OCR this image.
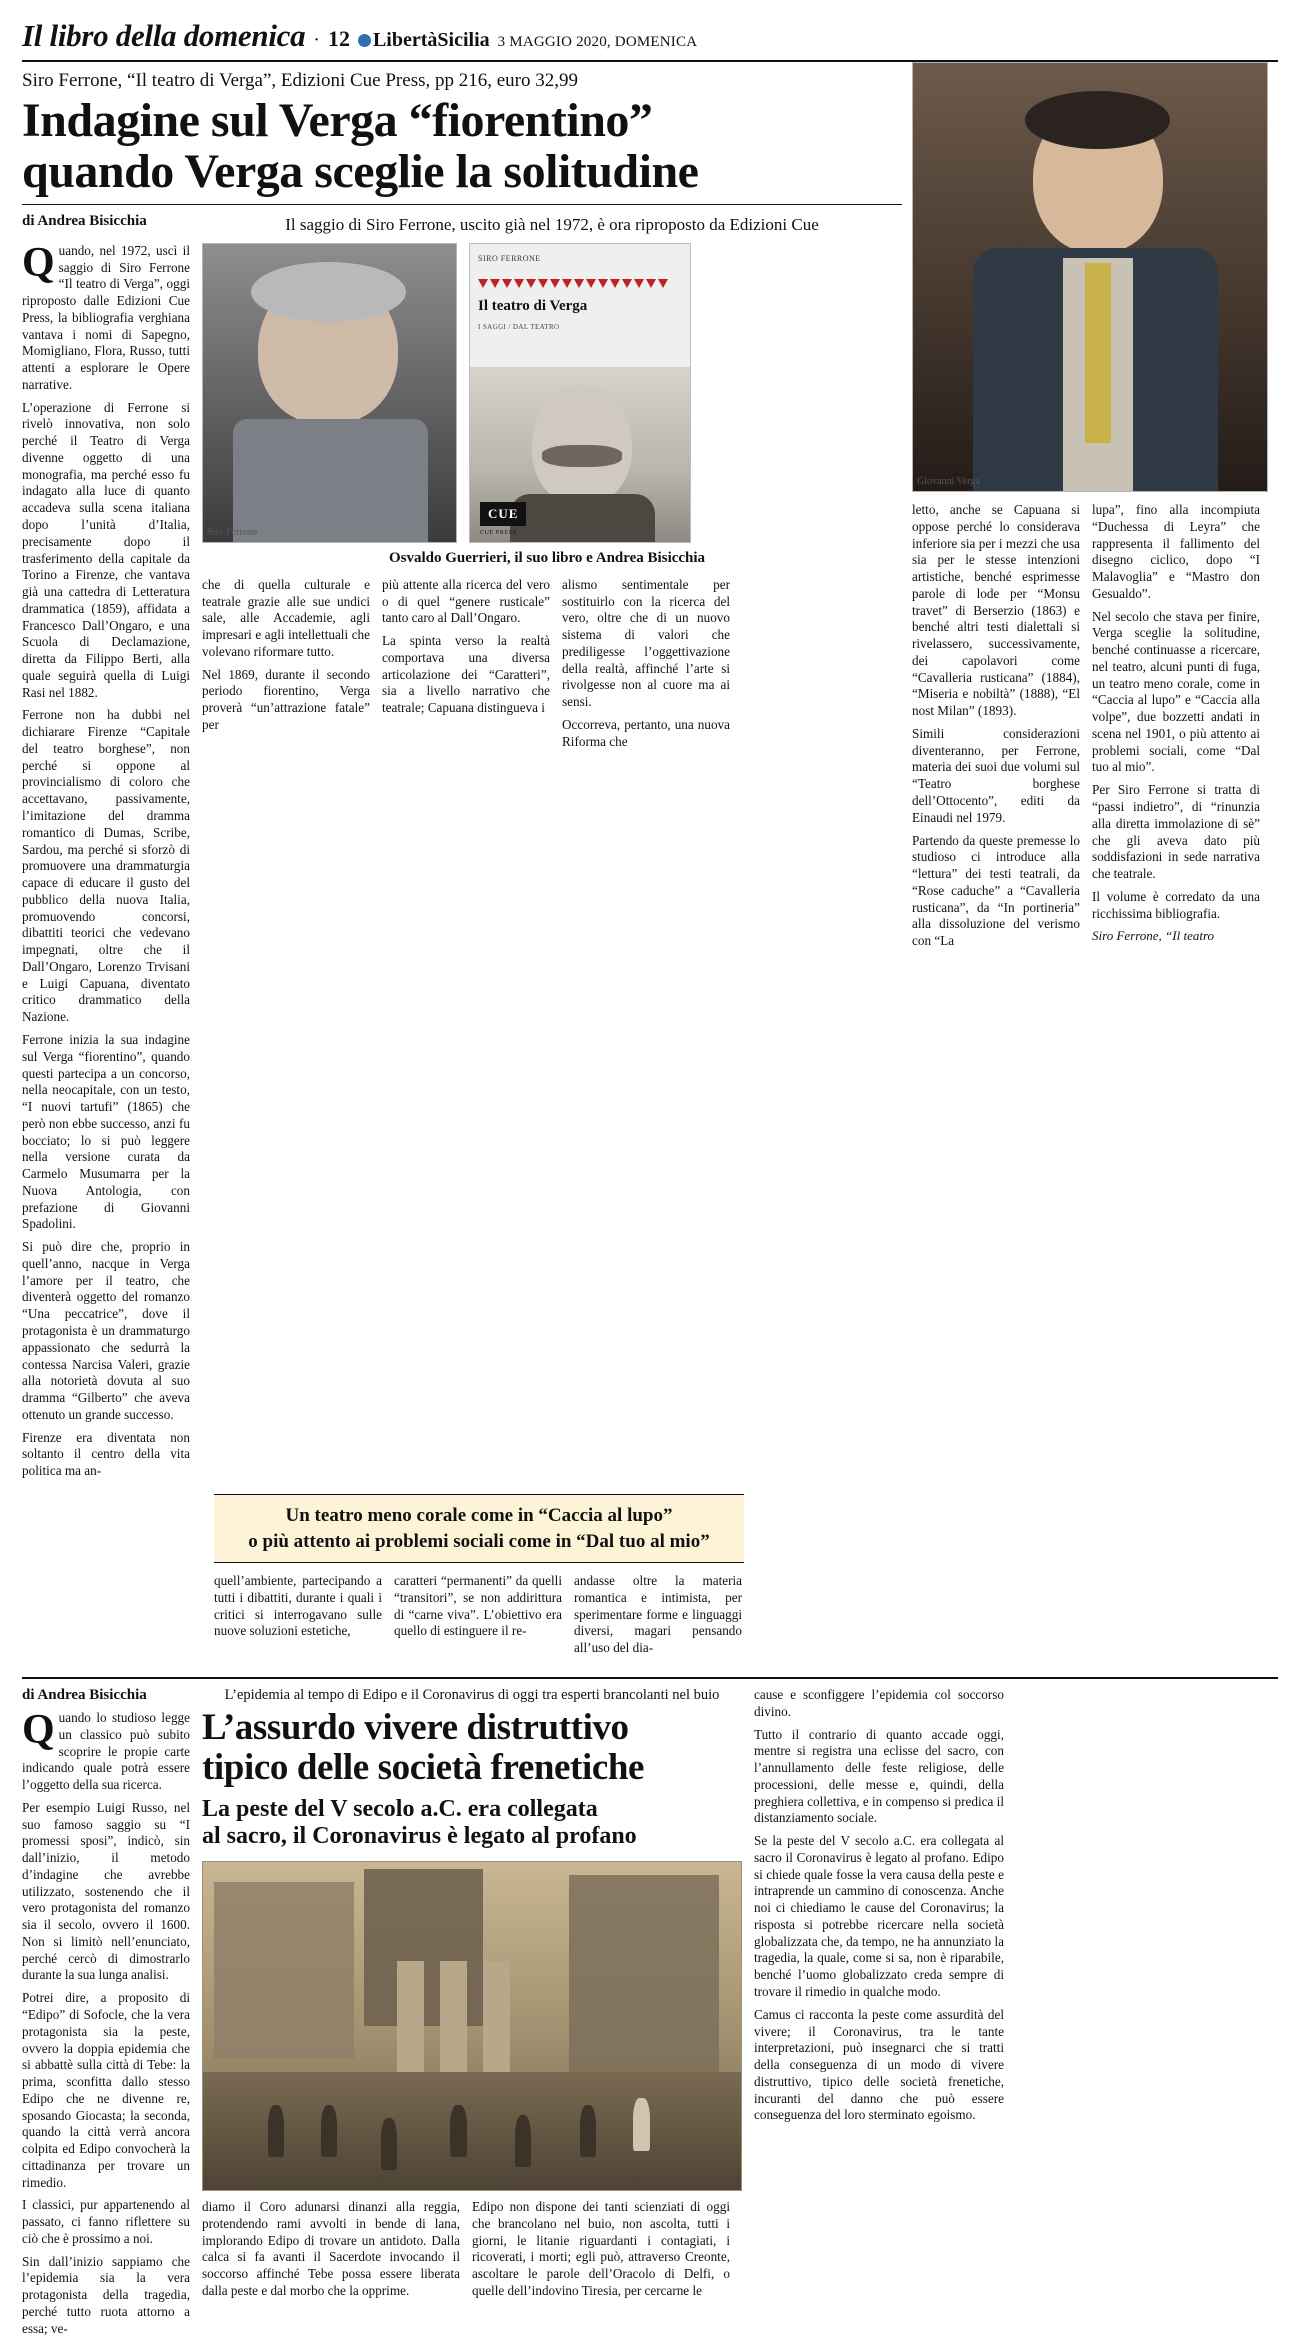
Il libro della domenica · 12	LibertàSicilia 3 MAGGIO 2020, DOMENICA
Siro Ferrone, “Il teatro di Verga”, Edizioni Cue Press, pp 216, euro 32,99
Indagine sul Verga “fiorentino”
quando Verga sceglie la solitudine
di Andrea Bisicchia	Il saggio di Siro Ferrone, uscito già nel 1972, è ora riproposto da Edizioni Cue

Quando, nel 1972, uscì il saggio di Siro Ferrone “Il teatro di Verga”, oggi riproposto dalle Edizioni Cue Press, la bibliografia verghiana vantava i nomi di Sapegno, Momigliano, Flora, Russo, tutti attenti a esplorare le Opere narrative.

L’operazione di Ferrone si rivelò innovativa, non solo perché il Teatro di Verga divenne oggetto di una monografia, ma perché esso fu indagato alla luce di quanto accadeva sulla scena italiana dopo l’unità d’Italia, precisamente dopo il trasferimento della capitale da Torino a Firenze, che vantava già una cattedra di Letteratura drammatica (1859), affidata a Francesco Dall’Ongaro, e una Scuola di Declamazione, diretta da Filippo Berti, alla quale seguirà quella di Luigi Rasi nel 1882.

Ferrone non ha dubbi nel dichiarare Firenze “Capitale del teatro borghese”, non perché si oppone al provincialismo di coloro che accettavano, passivamente, l’imitazione del dramma romantico di Dumas, Scribe, Sardou, ma perché si sforzò di promuovere una drammaturgia capace di educare il gusto del pubblico della nuova Italia, promuovendo concorsi, dibattiti teorici che vedevano impegnati, oltre che il Dall’Ongaro, Lorenzo Trvisani e Luigi Capuana, diventato critico drammatico della Nazione.

Ferrone inizia la sua indagine sul Verga “fiorentino”, quando questi partecipa a un concorso, nella neocapitale, con un testo, “I nuovi tartufi” (1865) che però non ebbe successo, anzi fu bocciato; lo si può leggere nella versione curata da Carmelo Musumarra per la Nuova Antologia, con prefazione di Giovanni Spadolini.

Si può dire che, proprio in quell’anno, nacque in Verga l’amore per il teatro, che diventerà oggetto del romanzo “Una peccatrice”, dove il protagonista è un drammaturgo appassionato che sedurrà la contessa Narcisa Valeri, grazie alla notorietà dovuta al suo dramma “Gilberto” che aveva ottenuto un grande successo.

Firenze era diventata non soltanto il centro della vita politica ma an-

Siro Ferrone
SIRO FERRONE
Il teatro di Verga
I SAGGI / DAL TEATRO
CUE
CUE PRESS
Osvaldo Guerrieri, il suo libro e Andrea Bisicchia

che di quella culturale e teatrale grazie alle sue undici sale, alle Accademie, agli impresari e agli intellettuali che volevano riformare tutto.

Nel 1869, durante il secondo periodo fiorentino, Verga proverà “un’attrazione fatale” per

più attente alla ricerca del vero o di quel “genere rusticale” tanto caro al Dall’Ongaro.

La spinta verso la realtà comportava una diversa articolazione dei “Caratteri”, sia a livello narrativo che teatrale; Capuana distingueva i

alismo sentimentale per sostituirlo con la ricerca del vero, oltre che di un nuovo sistema di valori che prediligesse l’oggettivazione della realtà, affinché l’arte si rivolgesse non al cuore ma ai sensi.

Occorreva, pertanto, una nuova Riforma che

Giovanni Verga

letto, anche se Capuana si oppose perché lo considerava inferiore sia per i mezzi che usa sia per le stesse intenzioni artistiche, benché esprimesse parole di lode per “Monsu travet” di Berserzio (1863) e benché altri testi dialettali si rivelassero, successivamente, dei capolavori come “Cavalleria rusticana” (1884), “Miseria e nobiltà” (1888), “El nost Milan” (1893).

Simili considerazioni diventeranno, per Ferrone, materia dei suoi due volumi sul “Teatro borghese dell’Ottocento”, editi da Einaudi nel 1979.

Partendo da queste premesse lo studioso ci introduce alla “lettura” dei testi teatrali, da “Rose caduche” a “Cavalleria rusticana”, da “In portineria” alla dissoluzione del verismo con “La

lupa”, fino alla incompiuta “Duchessa di Leyra” che rappresenta il fallimento del disegno ciclico, dopo “I Malavoglia” e “Mastro don Gesualdo”.

Nel secolo che stava per finire, Verga sceglie la solitudine, benché continuasse a ricercare, nel teatro, alcuni punti di fuga, un teatro meno corale, come in “Caccia al lupo” e “Caccia alla volpe”, due bozzetti andati in scena nel 1901, o più attento ai problemi sociali, come “Dal tuo al mio”.

Per Siro Ferrone si tratta di “passi indietro”, di “rinunzia alla diretta immolazione di sè” che gli aveva dato più soddisfazioni in sede narrativa che teatrale.

Il volume è corredato da una ricchissima bibliografia.

Siro Ferrone, “Il teatro

Un teatro meno corale come in “Caccia al lupo”
o più attento ai problemi sociali come in “Dal tuo al mio”

quell’ambiente, partecipando a tutti i dibattiti, durante i quali i critici si interrogavano sulle nuove soluzioni estetiche,

caratteri “permanenti” da quelli “transitori”, se non addirittura di “carne viva”. L’obiettivo era quello di estinguere il re-

andasse oltre la materia romantica e intimista, per sperimentare forme e linguaggi diversi, magari pensando all’uso del dia-

di Andrea Bisicchia

Quando lo studioso legge un classico può subito scoprire le propie carte indicando quale potrà essere l’oggetto della sua ricerca.

Per esempio Luigi Russo, nel suo famoso saggio su “I promessi sposi”, indicò, sin dall’inizio, il metodo d’indagine che avrebbe utilizzato, sostenendo che il vero protagonista del romanzo sia il secolo, ovvero il 1600. Non si limitò nell’enunciato, perché cercò di dimostrarlo durante la sua lunga analisi.

Potrei dire, a proposito di “Edipo” di Sofocle, che la vera protagonista sia la peste, ovvero la doppia epidemia che si abbattè sulla città di Tebe: la prima, sconfitta dallo stesso Edipo che ne divenne re, sposando Giocasta; la seconda, quando la città verrà ancora colpita ed Edipo convocherà la cittadinanza per trovare un rimedio.

I classici, pur appartenendo al passato, ci fanno riflettere su ciò che è prossimo a noi.

Sin dall’inizio sappiamo che l’epidemia sia la vera protagonista della tragedia, perché tutto ruota attorno a essa; ve-

L’epidemia al tempo di Edipo e il Coronavirus di oggi tra esperti brancolanti nel buio
L’assurdo vivere distruttivo
tipico delle società frenetiche
La peste del V secolo a.C. era collegata
al sacro, il Coronavirus è legato al profano

diamo il Coro adunarsi dinanzi alla reggia, protendendo rami avvolti in bende di lana, implorando Edipo di trovare un antidoto. Dalla calca si fa avanti il Sacerdote invocando il soccorso affinché Tebe possa essere liberata dalla peste e dal morbo che la opprime.

Edipo non dispone dei tanti scienziati di oggi che brancolano nel buio, non ascolta, tutti i giorni, le litanie riguardanti i contagiati, i ricoverati, i morti; egli può, attraverso Creonte, ascoltare le parole dell’Oracolo di Delfi, o quelle dell’indovino Tiresia, per cercarne le

cause e sconfiggere l’epidemia col soccorso divino.

Tutto il contrario di quanto accade oggi, mentre si registra una eclisse del sacro, con l’annullamento delle feste religiose, delle processioni, delle messe e, quindi, della preghiera collettiva, e in compenso si predica il distanziamento sociale.

Se la peste del V secolo a.C. era collegata al sacro il Coronavirus è legato al profano. Edipo si chiede quale fosse la vera causa della peste e intraprende un cammino di conoscenza. Anche noi ci chiediamo le cause del Coronavirus; la risposta si potrebbe ricercare nella società globalizzata che, da tempo, ne ha annunziato la tragedia, la quale, come si sa, non è riparabile, benché l’uomo globalizzato creda sempre di trovare il rimedio in qualche modo.

Camus ci racconta la peste come assurdità del vivere; il Coronavirus, tra le tante interpretazioni, può insegnarci che si tratti della conseguenza di un modo di vivere distruttivo, tipico delle società frenetiche, incuranti del danno che può essere conseguenza del loro sterminato egoismo.
